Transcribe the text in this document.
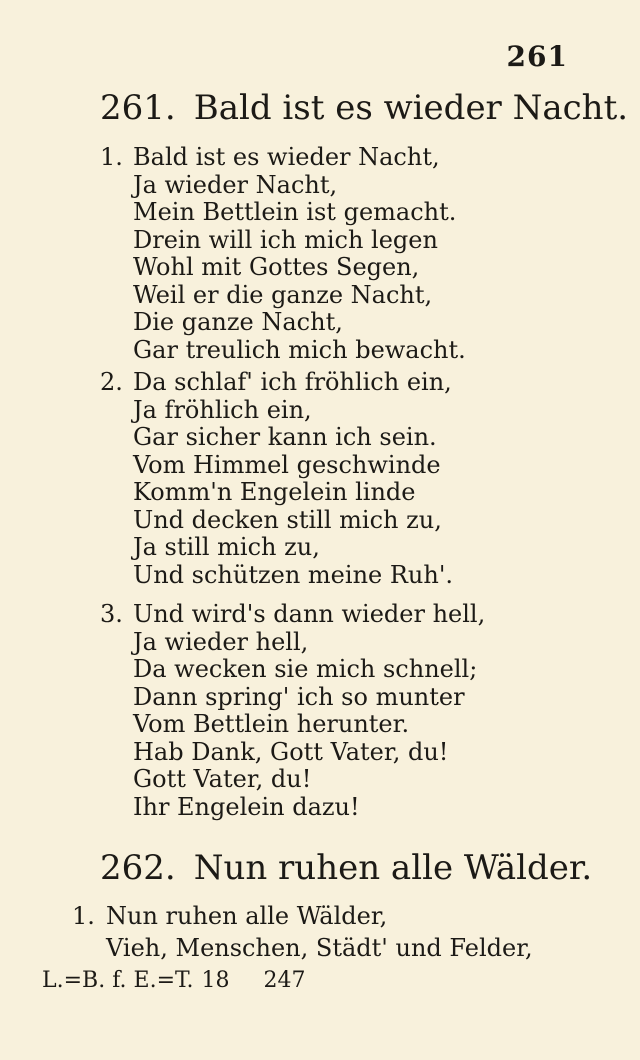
261
261. Bald ist es wieder Nacht.
1. Bald ist es wieder Nacht,
Ja wieder Nacht,
Mein Bettlein ist gemacht.
Drein will ich mich legen
Wohl mit Gottes Segen,
Weil er die ganze Nacht,
Die ganze Nacht,
Gar treulich mich bewacht.
2. Da schlaf' ich fröhlich ein,
Ja fröhlich ein,
Gar sicher kann ich sein.
Vom Himmel geschwinde
Komm'n Engelein linde
Und decken still mich zu,
Ja still mich zu,
Und schützen meine Ruh'.
3. Und wird's dann wieder hell,
Ja wieder hell,
Da wecken sie mich schnell;
Dann spring' ich so munter
Vom Bettlein herunter.
Hab Dank, Gott Vater, du!
Gott Vater, du!
Ihr Engelein dazu!
262. Nun ruhen alle Wälder.
1. Nun ruhen alle Wälder,
Vieh, Menschen, Städt' und Felder,
L.=B. f. E.=T. 18 247
